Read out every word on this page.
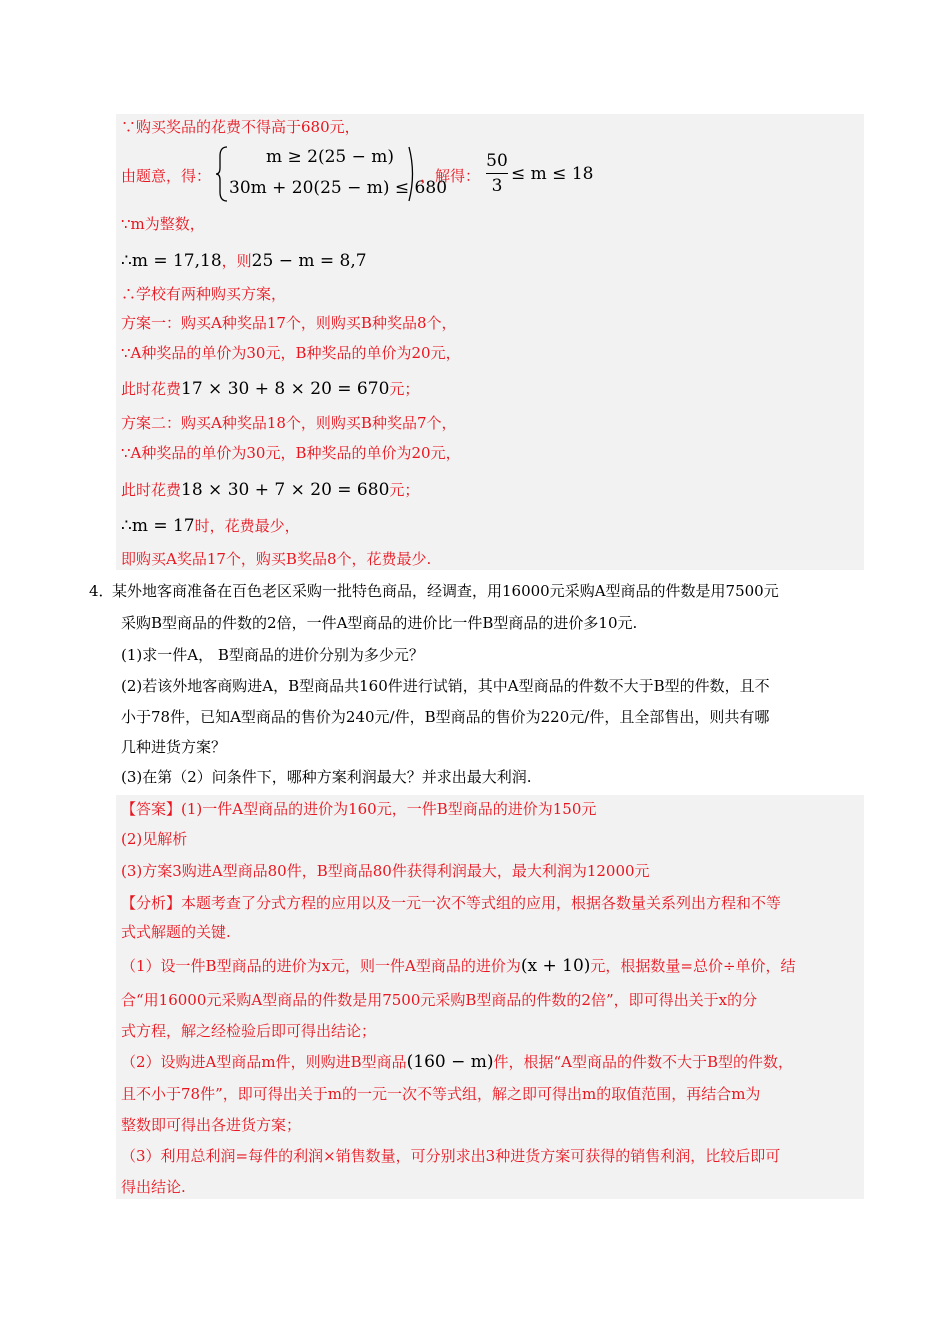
∵购买奖品的花费不得高于680元，
由题意，得：
m ≥ 2(25 − m)
30m + 20(25 − m) ≤ 680
，解得：
50
3
≤ m ≤ 18
∵m为整数，
∴m = 17,18，则25 − m = 8,7
∴学校有两种购买方案，
方案一：购买A种奖品17个，则购买B种奖品8个，
∵A种奖品的单价为30元，B种奖品的单价为20元，
此时花费17 × 30 + 8 × 20 = 670元；
方案二：购买A种奖品18个，则购买B种奖品7个，
∵A种奖品的单价为30元，B种奖品的单价为20元，
此时花费18 × 30 + 7 × 20 = 680元；
∴m = 17时，花费最少，
即购买A奖品17个，购买B奖品8个，花费最少.
4．
某外地客商准备在百色老区采购一批特色商品，经调查，用16000元采购A型商品的件数是用7500元
采购B型商品的件数的2倍，一件A型商品的进价比一件B型商品的进价多10元.
(1)求一件A， B型商品的进价分别为多少元？
(2)若该外地客商购进A，B型商品共160件进行试销，其中A型商品的件数不大于B型的件数，且不
小于78件，已知A型商品的售价为240元/件，B型商品的售价为220元/件，且全部售出，则共有哪
几种进货方案？
(3)在第（2）问条件下，哪种方案利润最大？并求出最大利润.
【答案】(1)一件A型商品的进价为160元，一件B型商品的进价为150元
(2)见解析
(3)方案3购进A型商品80件，B型商品80件获得利润最大，最大利润为12000元
【分析】本题考查了分式方程的应用以及一元一次不等式组的应用，根据各数量关系列出方程和不等
式式解题的关键.
（1）设一件B型商品的进价为x元，则一件A型商品的进价为(x + 10)元，根据数量=总价÷单价，结
合“用16000元采购A型商品的件数是用7500元采购B型商品的件数的2倍”，即可得出关于x的分
式方程，解之经检验后即可得出结论；
（2）设购进A型商品m件，则购进B型商品(160 − m)件，根据“A型商品的件数不大于B型的件数，
且不小于78件”，即可得出关于m的一元一次不等式组，解之即可得出m的取值范围，再结合m为
整数即可得出各进货方案；
（3）利用总利润=每件的利润×销售数量，可分别求出3种进货方案可获得的销售利润，比较后即可
得出结论.
